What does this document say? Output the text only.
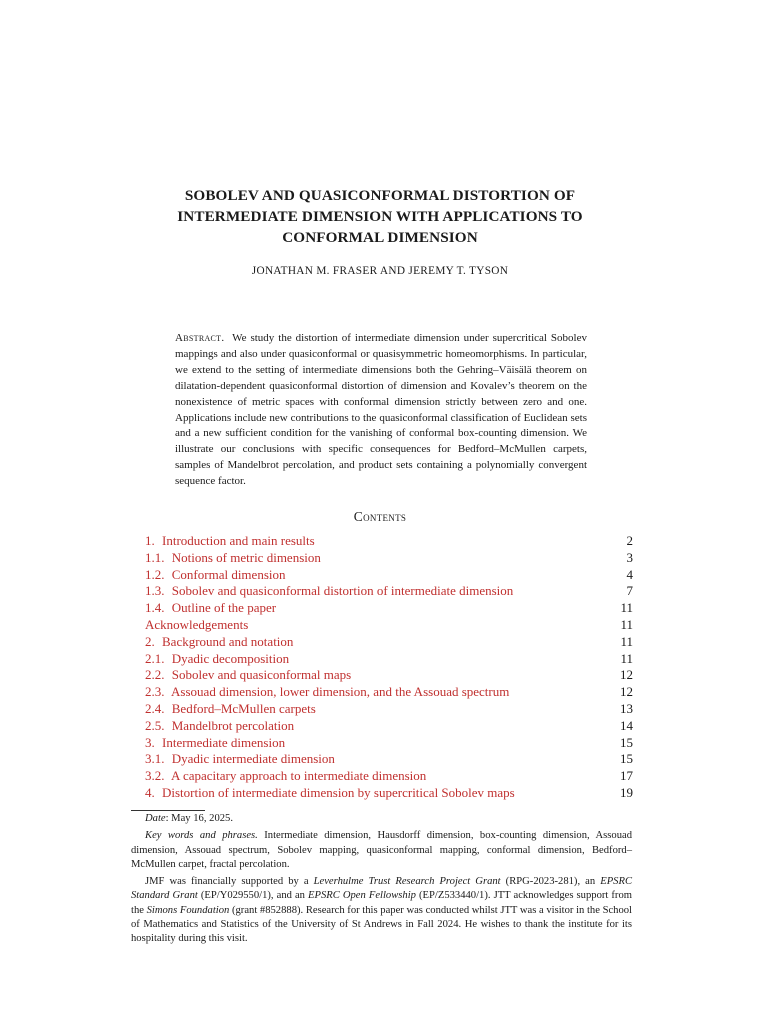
SOBOLEV AND QUASICONFORMAL DISTORTION OF
INTERMEDIATE DIMENSION WITH APPLICATIONS TO
CONFORMAL DIMENSION
JONATHAN M. FRASER AND JEREMY T. TYSON
Abstract. We study the distortion of intermediate dimension under supercritical Sobolev mappings and also under quasiconformal or quasisymmetric homeomorphisms. In particular, we extend to the setting of intermediate dimensions both the Gehring–Väisälä theorem on dilatation-dependent quasiconformal distortion of dimension and Kovalev’s theorem on the nonexistence of metric spaces with conformal dimension strictly between zero and one. Applications include new contributions to the quasiconformal classification of Euclidean sets and a new sufficient condition for the vanishing of conformal box-counting dimension. We illustrate our conclusions with specific consequences for Bedford–McMullen carpets, samples of Mandelbrot percolation, and product sets containing a polynomially convergent sequence factor.
Contents
1. Introduction and main results	2
1.1. Notions of metric dimension	3
1.2. Conformal dimension	4
1.3. Sobolev and quasiconformal distortion of intermediate dimension	7
1.4. Outline of the paper	11
Acknowledgements	11
2. Background and notation	11
2.1. Dyadic decomposition	11
2.2. Sobolev and quasiconformal maps	12
2.3. Assouad dimension, lower dimension, and the Assouad spectrum	12
2.4. Bedford–McMullen carpets	13
2.5. Mandelbrot percolation	14
3. Intermediate dimension	15
3.1. Dyadic intermediate dimension	15
3.2. A capacitary approach to intermediate dimension	17
4. Distortion of intermediate dimension by supercritical Sobolev maps	19

Date: May 16, 2025.

Key words and phrases. Intermediate dimension, Hausdorff dimension, box-counting dimension, Assouad dimension, Assouad spectrum, Sobolev mapping, quasiconformal mapping, conformal dimension, Bedford–McMullen carpet, fractal percolation.

JMF was financially supported by a Leverhulme Trust Research Project Grant (RPG-2023-281), an EPSRC Standard Grant (EP/Y029550/1), and an EPSRC Open Fellowship (EP/Z533440/1). JTT acknowledges support from the Simons Foundation (grant #852888). Research for this paper was conducted whilst JTT was a visitor in the School of Mathematics and Statistics of the University of St Andrews in Fall 2024. He wishes to thank the institute for its hospitality during this visit.
